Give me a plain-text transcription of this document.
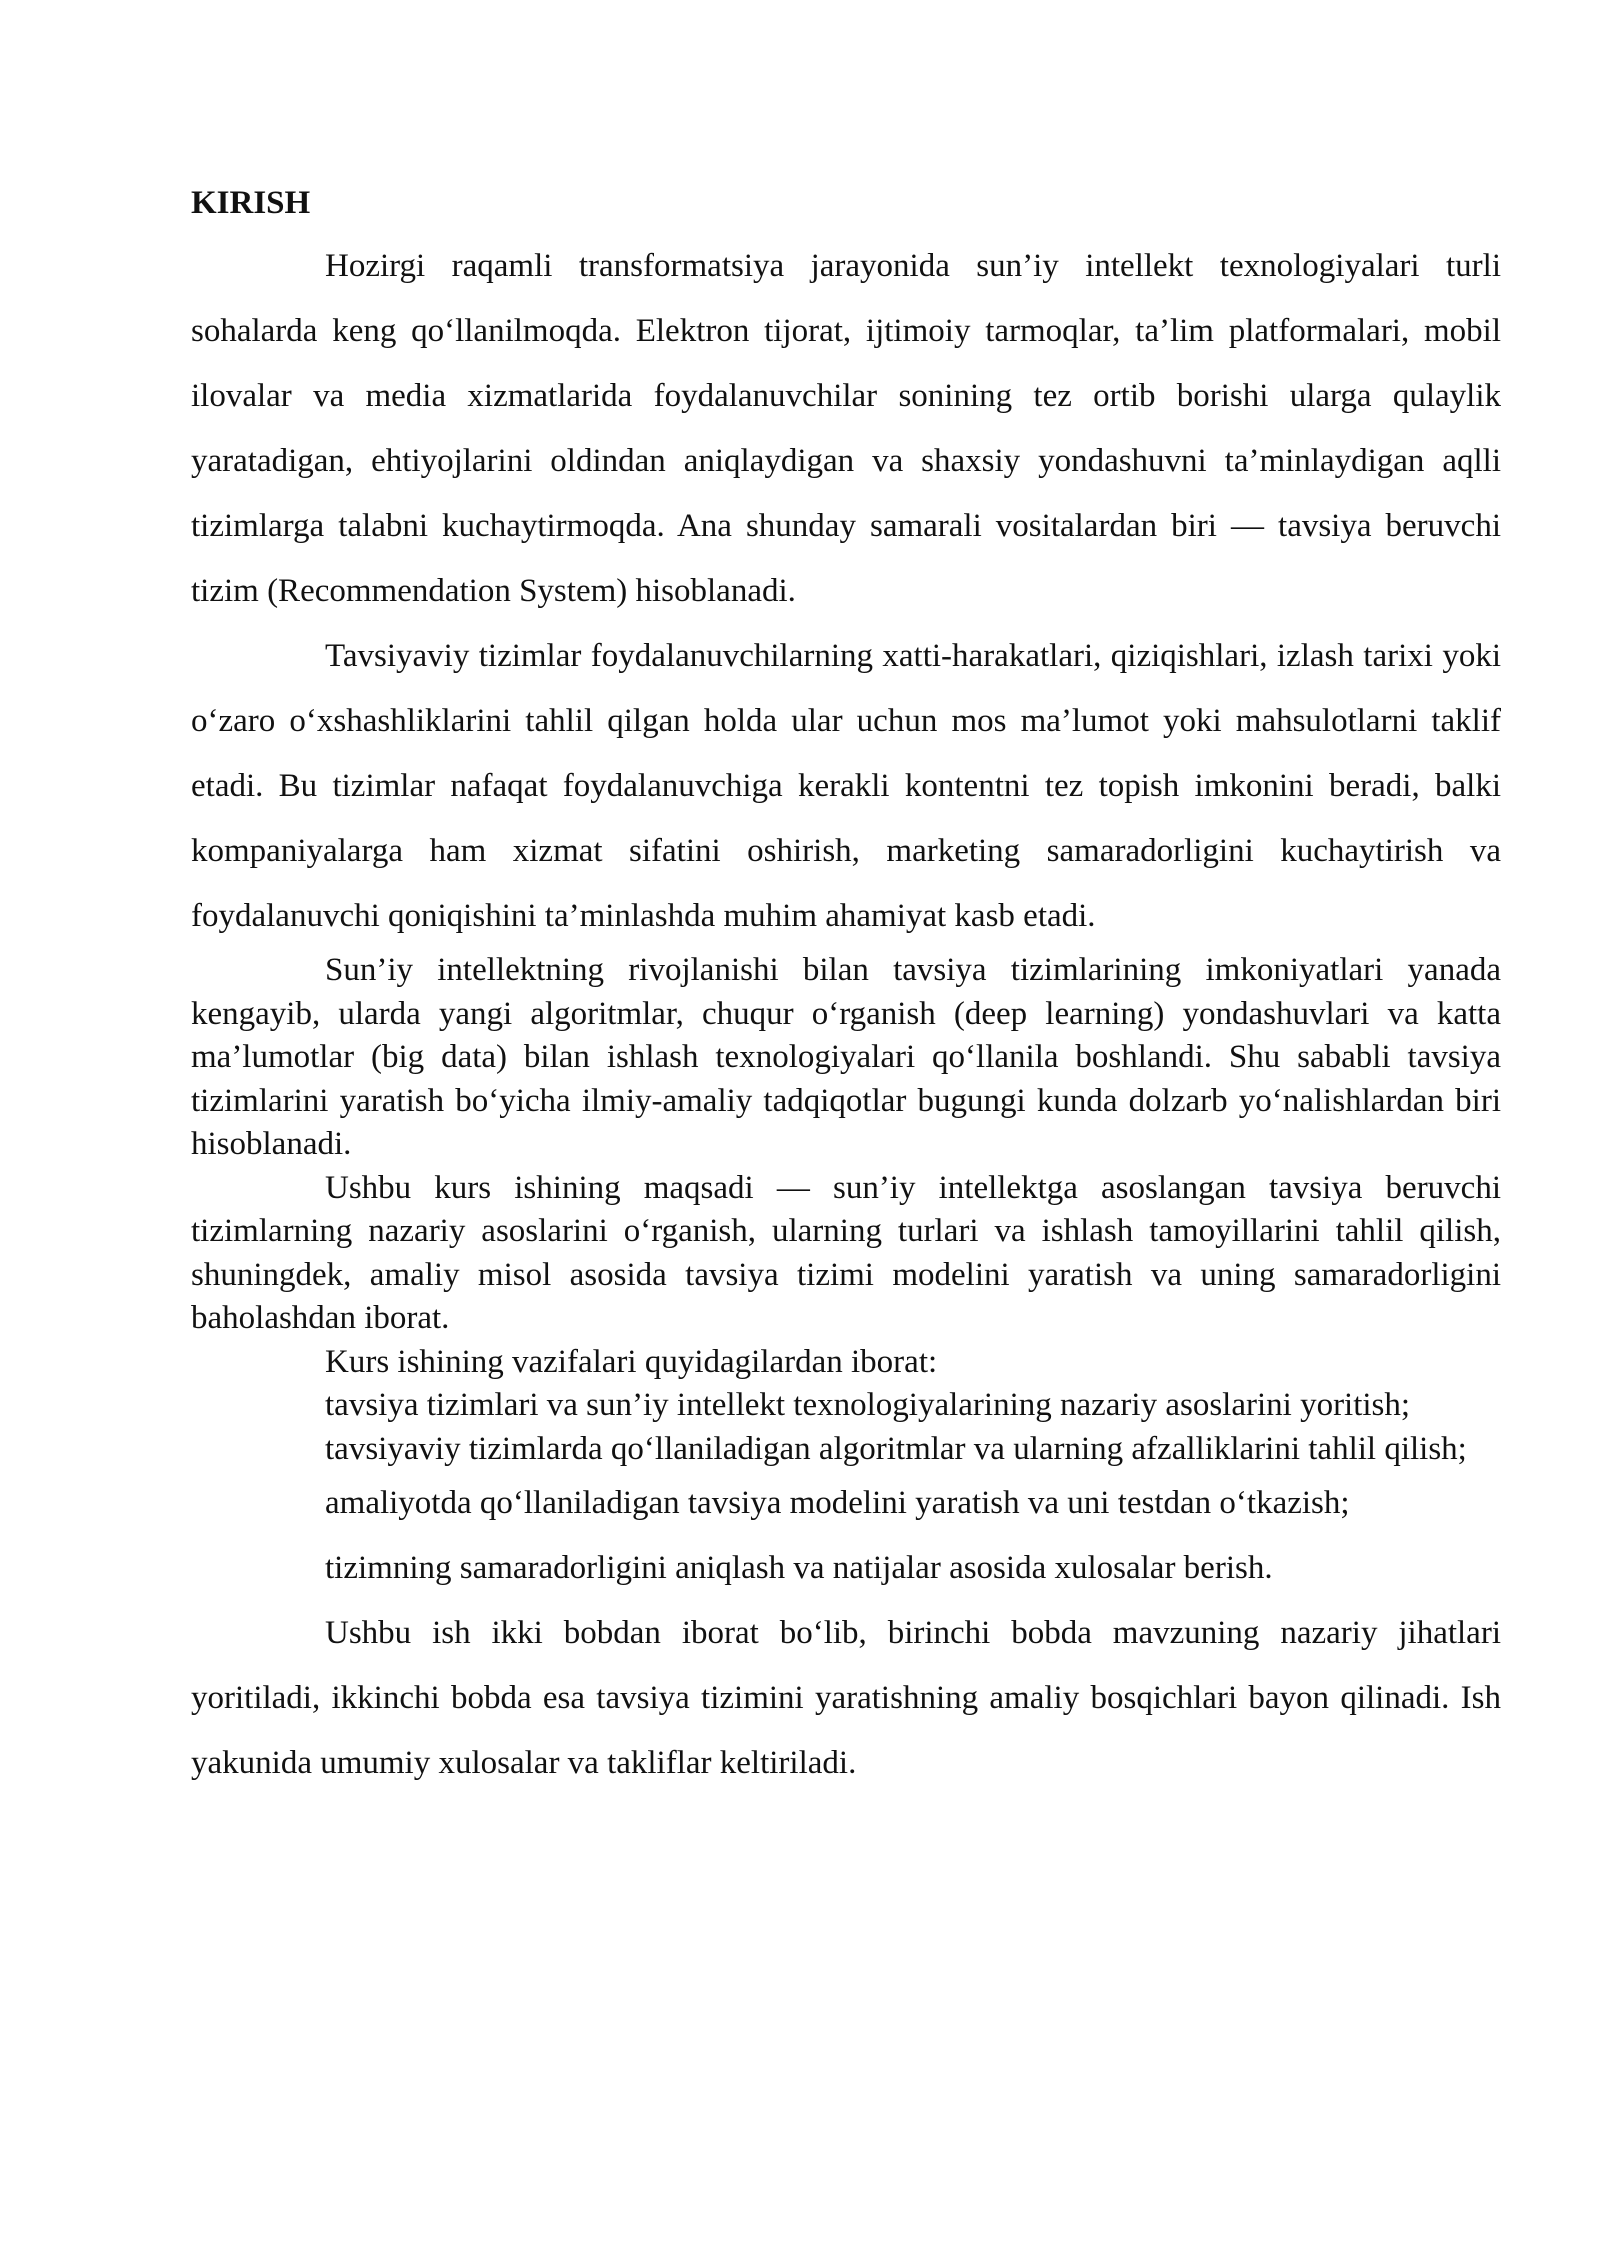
KIRISH

Hozirgi raqamli transformatsiya jarayonida sun’iy intellekt texnologiyalari turli sohalarda keng qo‘llanilmoqda. Elektron tijorat, ijtimoiy tarmoqlar, ta’lim platformalari, mobil ilovalar va media xizmatlarida foydalanuvchilar sonining tez ortib borishi ularga qulaylik yaratadigan, ehtiyojlarini oldindan aniqlaydigan va shaxsiy yondashuvni ta’minlaydigan aqlli tizimlarga talabni kuchaytirmoqda. Ana shunday samarali vositalardan biri — tavsiya beruvchi tizim (Recommendation System) hisoblanadi.

Tavsiyaviy tizimlar foydalanuvchilarning xatti-harakatlari, qiziqishlari, izlash tarixi yoki o‘zaro o‘xshashliklarini tahlil qilgan holda ular uchun mos ma’lumot yoki mahsulotlarni taklif etadi. Bu tizimlar nafaqat foydalanuvchiga kerakli kontentni tez topish imkonini beradi, balki kompaniyalarga ham xizmat sifatini oshirish, marketing samaradorligini kuchaytirish va foydalanuvchi qoniqishini ta’minlashda muhim ahamiyat kasb etadi.

Sun’iy intellektning rivojlanishi bilan tavsiya tizimlarining imkoniyatlari yanada kengayib, ularda yangi algoritmlar, chuqur o‘rganish (deep learning) yondashuvlari va katta ma’lumotlar (big data) bilan ishlash texnologiyalari qo‘llanila boshlandi. Shu sababli tavsiya tizimlarini yaratish bo‘yicha ilmiy-amaliy tadqiqotlar bugungi kunda dolzarb yo‘nalishlardan biri hisoblanadi.

Ushbu kurs ishining maqsadi — sun’iy intellektga asoslangan tavsiya beruvchi tizimlarning nazariy asoslarini o‘rganish, ularning turlari va ishlash tamoyillarini tahlil qilish, shuningdek, amaliy misol asosida tavsiya tizimi modelini yaratish va uning samaradorligini baholashdan iborat.

Kurs ishining vazifalari quyidagilardan iborat:

tavsiya tizimlari va sun’iy intellekt texnologiyalarining nazariy asoslarini yoritish;

tavsiyaviy tizimlarda qo‘llaniladigan algoritmlar va ularning afzalliklarini tahlil qilish;

amaliyotda qo‘llaniladigan tavsiya modelini yaratish va uni testdan o‘tkazish;

tizimning samaradorligini aniqlash va natijalar asosida xulosalar berish.

Ushbu ish ikki bobdan iborat bo‘lib, birinchi bobda mavzuning nazariy jihatlari yoritiladi, ikkinchi bobda esa tavsiya tizimini yaratishning amaliy bosqichlari bayon qilinadi. Ish yakunida umumiy xulosalar va takliflar keltiriladi.
